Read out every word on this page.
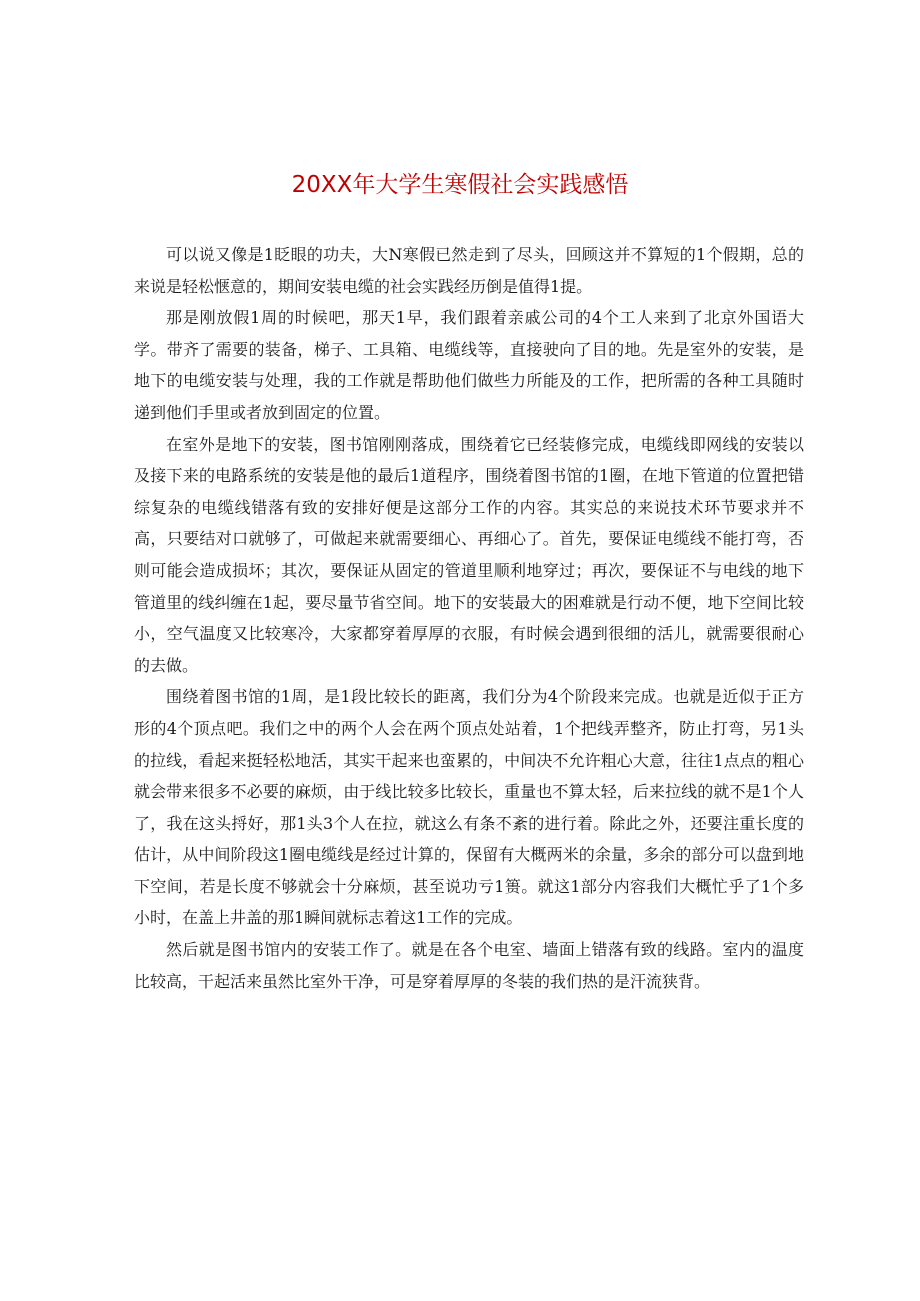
20XX年大学生寒假社会实践感悟

可以说又像是1眨眼的功夫，大N寒假已然走到了尽头，回顾这并不算短的1个假期，总的来说是轻松惬意的，期间安装电缆的社会实践经历倒是值得1提。

那是刚放假1周的时候吧，那天1早，我们跟着亲戚公司的4个工人来到了北京外国语大学。带齐了需要的装备，梯子、工具箱、电缆线等，直接驶向了目的地。先是室外的安装，是地下的电缆安装与处理，我的工作就是帮助他们做些力所能及的工作，把所需的各种工具随时递到他们手里或者放到固定的位置。

在室外是地下的安装，图书馆刚刚落成，围绕着它已经装修完成，电缆线即网线的安装以及接下来的电路系统的安装是他的最后1道程序，围绕着图书馆的1圈，在地下管道的位置把错综复杂的电缆线错落有致的安排好便是这部分工作的内容。其实总的来说技术环节要求并不高，只要结对口就够了，可做起来就需要细心、再细心了。首先，要保证电缆线不能打弯，否则可能会造成损坏；其次，要保证从固定的管道里顺利地穿过；再次，要保证不与电线的地下管道里的线纠缠在1起，要尽量节省空间。地下的安装最大的困难就是行动不便，地下空间比较小，空气温度又比较寒冷，大家都穿着厚厚的衣服，有时候会遇到很细的活儿，就需要很耐心的去做。

围绕着图书馆的1周，是1段比较长的距离，我们分为4个阶段来完成。也就是近似于正方形的4个顶点吧。我们之中的两个人会在两个顶点处站着，1个把线弄整齐，防止打弯，另1头的拉线，看起来挺轻松地活，其实干起来也蛮累的，中间决不允许粗心大意，往往1点点的粗心就会带来很多不必要的麻烦，由于线比较多比较长，重量也不算太轻，后来拉线的就不是1个人了，我在这头捋好，那1头3个人在拉，就这么有条不紊的进行着。除此之外，还要注重长度的估计，从中间阶段这1圈电缆线是经过计算的，保留有大概两米的余量，多余的部分可以盘到地下空间，若是长度不够就会十分麻烦，甚至说功亏1篑。就这1部分内容我们大概忙乎了1个多小时，在盖上井盖的那1瞬间就标志着这1工作的完成。

然后就是图书馆内的安装工作了。就是在各个电室、墙面上错落有致的线路。室内的温度比较高，干起活来虽然比室外干净，可是穿着厚厚的冬装的我们热的是汗流狭背。
